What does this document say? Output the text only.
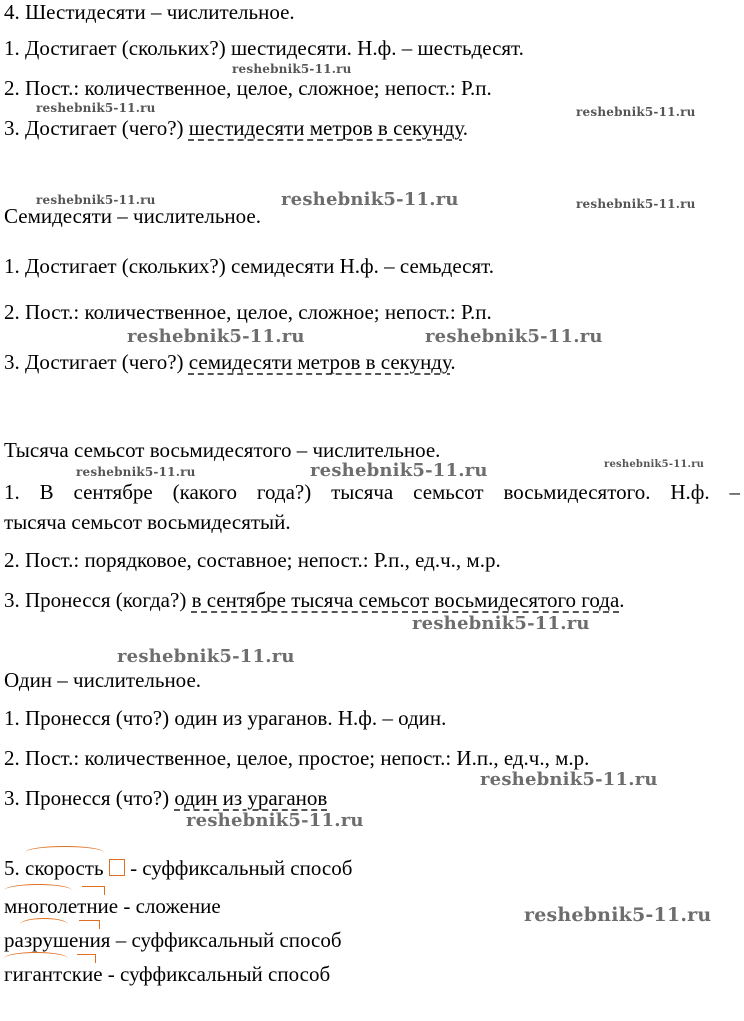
4. Шестидесяти – числительное.
1. Достигает (скольких?) шестидесяти. Н.ф. – шестьдесят.
2. Пост.: количественное, целое, сложное; непост.: Р.п.
3. Достигает (чего?) шестидесяти метров в секунду.
Семидесяти – числительное.
1. Достигает (скольких?) семидесяти Н.ф. – семьдесят.
2. Пост.: количественное, целое, сложное; непост.: Р.п.
3. Достигает (чего?) семидесяти метров в секунду.
Тысяча семьсот восьмидесятого – числительное.
1. В сентябре (какого года?) тысяча семьсот восьмидесятого. Н.ф. –
тысяча семьсот восьмидесятый.
2. Пост.: порядковое, составное; непост.: Р.п., ед.ч., м.р.
3. Пронесся (когда?) в сентябре тысяча семьсот восьмидесятого года.
Один – числительное.
1. Пронесся (что?) один из ураганов. Н.ф. – один.
2. Пост.: количественное, целое, простое; непост.: И.п., ед.ч., м.р.
3. Пронесся (что?) один из ураганов
5.
скорость  - суффиксальный способ
многолетние - сложение
разрушения – суффиксальный способ
гигантские - суффиксальный способ
reshebnik5-11.ru
reshebnik5-11.ru	reshebnik5-11.ru
reshebnik5-11.ru	reshebnik5-11.ru	reshebnik5-11.ru
reshebnik5-11.ru	reshebnik5-11.ru
reshebnik5-11.ru	reshebnik5-11.ru	reshebnik5-11.ru
reshebnik5-11.ru
reshebnik5-11.ru
reshebnik5-11.ru
reshebnik5-11.ru
reshebnik5-11.ru
